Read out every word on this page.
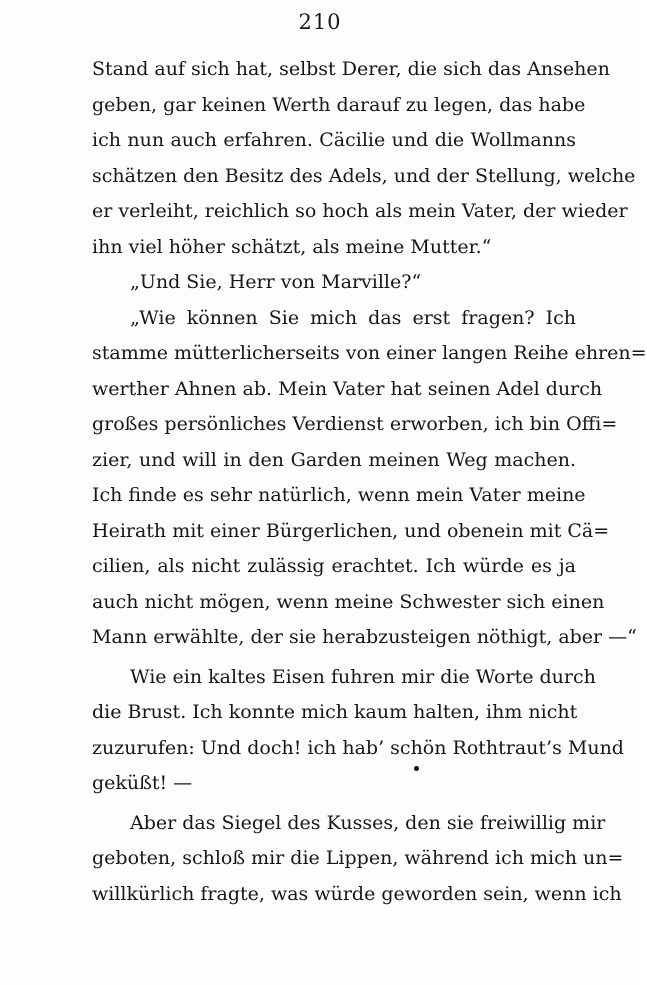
210
Stand auf sich hat, selbst Derer, die sich das Ansehen
geben, gar keinen Werth darauf zu legen, das habe
ich nun auch erfahren. Cäcilie und die Wollmanns
schätzen den Besitz des Adels, und der Stellung, welche
er verleiht, reichlich so hoch als mein Vater, der wieder
ihn viel höher schätzt, als meine Mutter.“
„Und Sie, Herr von Marville?“
„Wie können Sie mich das erst fragen? Ich
stamme mütterlicherseits von einer langen Reihe ehren=
werther Ahnen ab. Mein Vater hat seinen Adel durch
großes persönliches Verdienst erworben, ich bin Offi=
zier, und will in den Garden meinen Weg machen.
Ich finde es sehr natürlich, wenn mein Vater meine
Heirath mit einer Bürgerlichen, und obenein mit Cä=
cilien, als nicht zulässig erachtet. Ich würde es ja
auch nicht mögen, wenn meine Schwester sich einen
Mann erwählte, der sie herabzusteigen nöthigt, aber —“
Wie ein kaltes Eisen fuhren mir die Worte durch
die Brust. Ich konnte mich kaum halten, ihm nicht
zuzurufen: Und doch! ich hab’ schön Rothtraut’s Mund
geküßt! —
Aber das Siegel des Kusses, den sie freiwillig mir
geboten, schloß mir die Lippen, während ich mich un=
willkürlich fragte, was würde geworden sein, wenn ich
